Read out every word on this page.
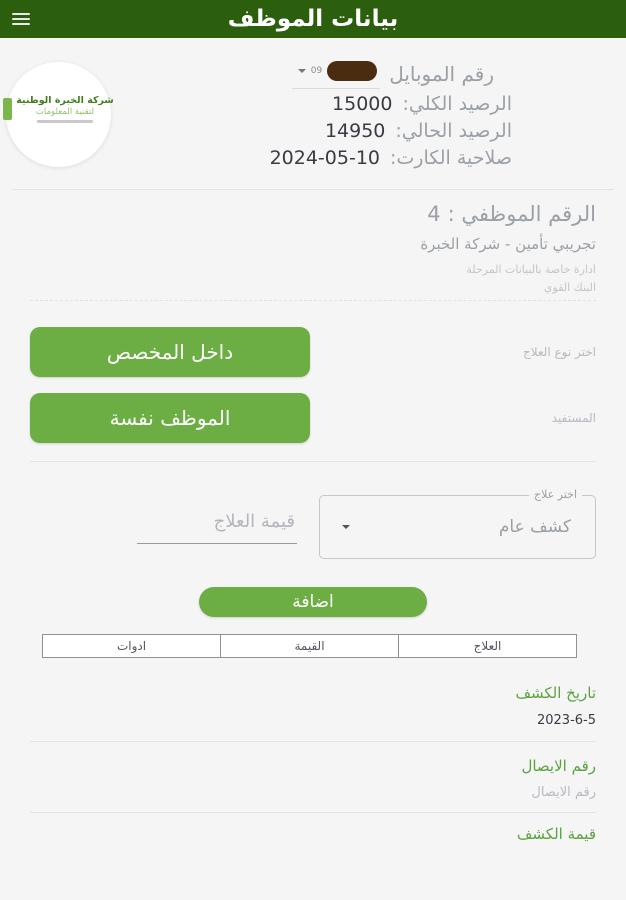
بيانات الموظف
شركة الخبرة الوطنية
لتقنية المعلومات
رقم الموبايل
09
الرصيد الكلي:
15000
الرصيد الحالي:
14950
صلاحية الكارت:
2024-05-10
الرقم الموظفي :
4
تجريبي تأمين - شركة الخبرة
ادارة خاصة بالبيانات المرحلة
البنك القوي
اختر نوع العلاج
داخل المخصص
المستفيد
الموظف نفسة
اختر علاج
كشف عام
قيمة العلاج
اضافة
العلاج	القيمة	ادوات
تاريخ الكشف
2023-6-5
رقم الايصال
رقم الايصال
قيمة الكشف
